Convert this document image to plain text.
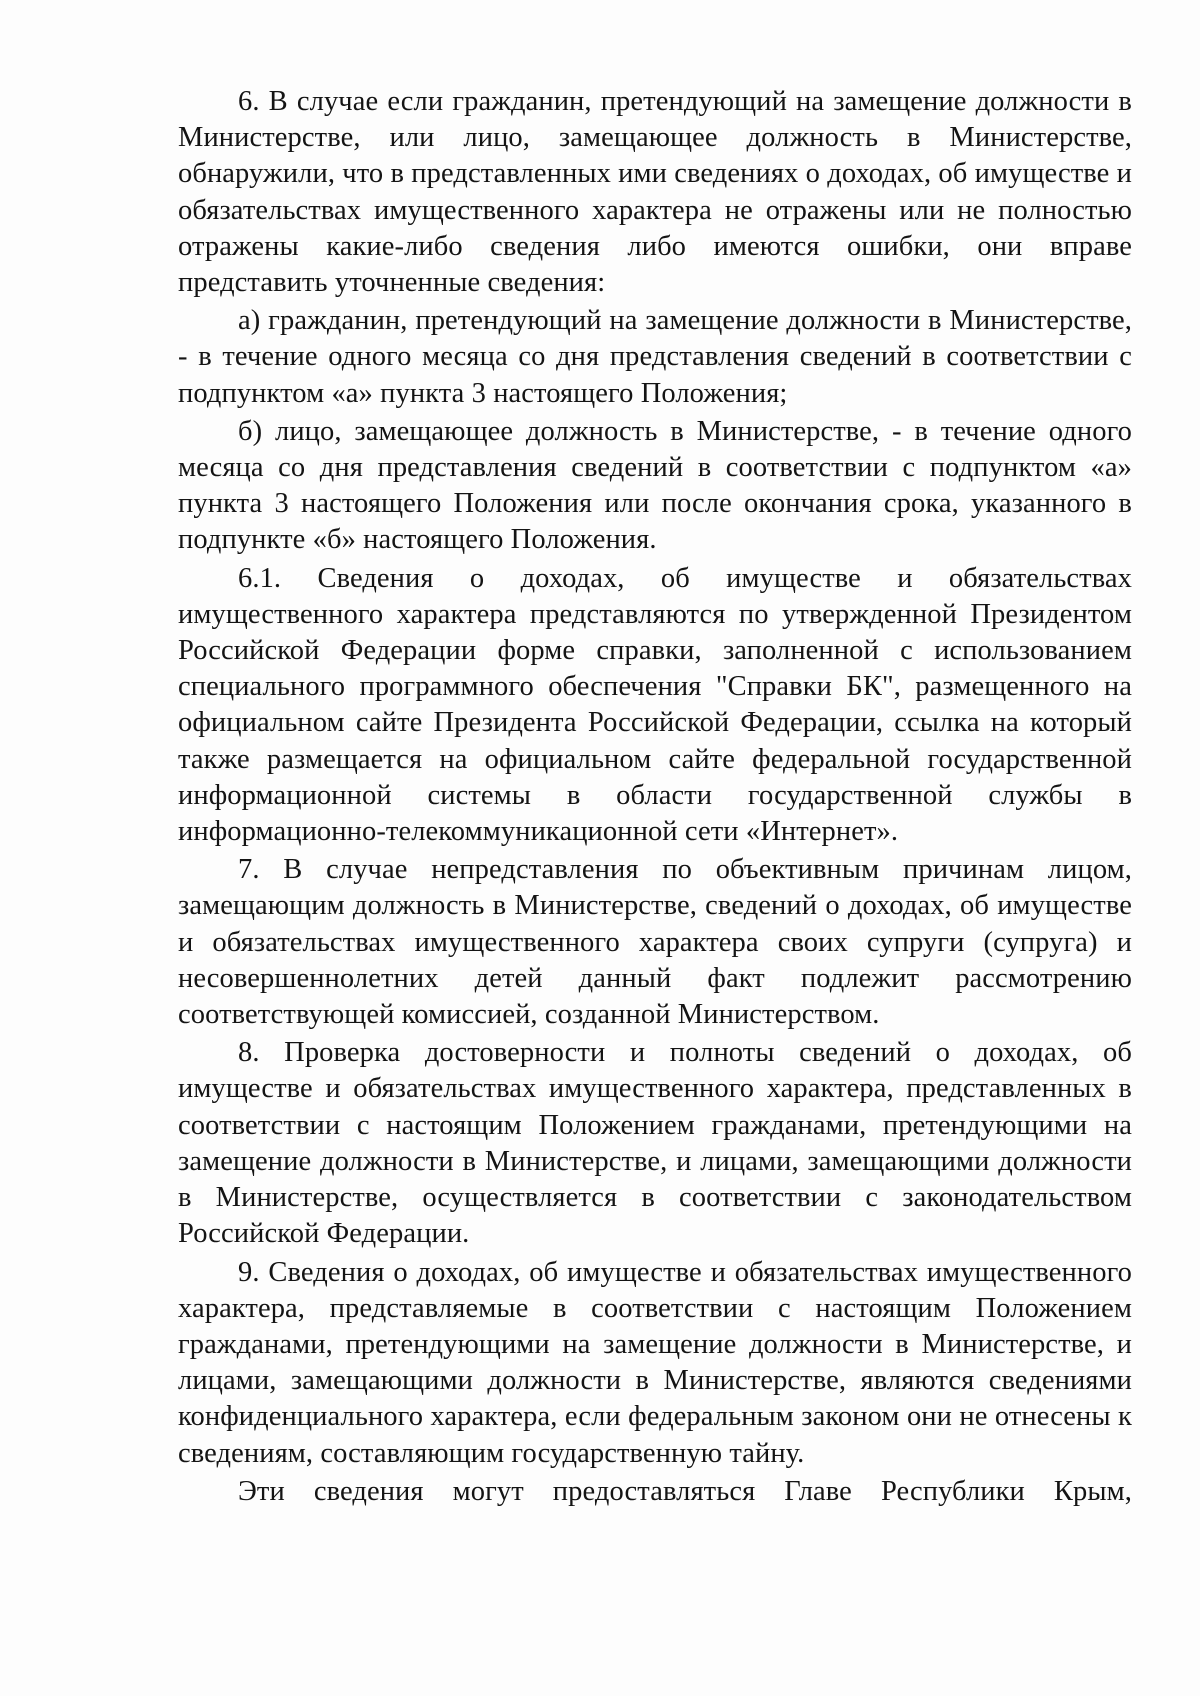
6. В случае если гражданин, претендующий на замещение должности в Министерстве, или лицо, замещающее должность в Министерстве, обнаружили, что в представленных ими сведениях о доходах, об имуществе и обязательствах имущественного характера не отражены или не полностью отражены какие-либо сведения либо имеются ошибки, они вправе представить уточненные сведения:

а) гражданин, претендующий на замещение должности в Министерстве, - в течение одного месяца со дня представления сведений в соответствии с подпунктом «а» пункта 3 настоящего Положения;

б) лицо, замещающее должность в Министерстве, - в течение одного месяца со дня представления сведений в соответствии с подпунктом «а» пункта 3 настоящего Положения или после окончания срока, указанного в подпункте «б» настоящего Положения.

6.1. Сведения о доходах, об имуществе и обязательствах имущественного характера представляются по утвержденной Президентом Российской Федерации форме справки, заполненной с использованием специального программного обеспечения "Справки БК", размещенного на официальном сайте Президента Российской Федерации, ссылка на который также размещается на официальном сайте федеральной государственной информационной системы в области государственной службы в информационно-телекоммуникационной сети «Интернет».

7. В случае непредставления по объективным причинам лицом, замещающим должность в Министерстве, сведений о доходах, об имуществе и обязательствах имущественного характера своих супруги (супруга) и несовершеннолетних детей данный факт подлежит рассмотрению соответствующей комиссией, созданной Министерством.

8. Проверка достоверности и полноты сведений о доходах, об имуществе и обязательствах имущественного характера, представленных в соответствии с настоящим Положением гражданами, претендующими на замещение должности в Министерстве, и лицами, замещающими должности в Министерстве, осуществляется в соответствии с законодательством Российской Федерации.

9. Сведения о доходах, об имуществе и обязательствах имущественного характера, представляемые в соответствии с настоящим Положением гражданами, претендующими на замещение должности в Министерстве, и лицами, замещающими должности в Министерстве, являются сведениями конфиденциального характера, если федеральным законом они не отнесены к сведениям, составляющим государственную тайну.

Эти сведения могут предоставляться Главе Республики Крым,
